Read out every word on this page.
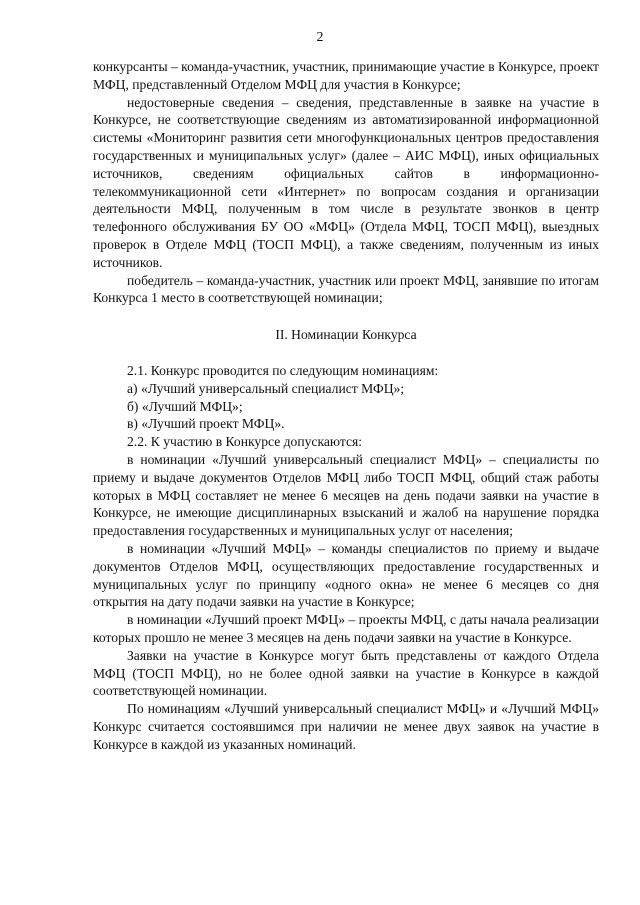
2

конкурсанты – команда-участник, участник, принимающие участие в Конкурсе, проект МФЦ, представленный Отделом МФЦ для участия в Конкурсе;

недостоверные сведения – сведения, представленные в заявке на участие в Конкурсе, не соответствующие сведениям из автоматизированной информационной системы «Мониторинг развития сети многофункциональных центров предоставления государственных и муниципальных услуг» (далее – АИС МФЦ), иных официальных источников, сведениям официальных сайтов в информационно-телекоммуникационной сети «Интернет» по вопросам создания и организации деятельности МФЦ, полученным в том числе в результате звонков в центр телефонного обслуживания БУ ОО «МФЦ» (Отдела МФЦ, ТОСП МФЦ), выездных проверок в Отделе МФЦ (ТОСП МФЦ), а также сведениям, полученным из иных источников.

победитель – команда-участник, участник или проект МФЦ, занявшие по итогам Конкурса 1 место в соответствующей номинации;

II. Номинации Конкурса

2.1. Конкурс проводится по следующим номинациям:

а) «Лучший универсальный специалист МФЦ»;

б) «Лучший МФЦ»;

в) «Лучший проект МФЦ».

2.2. К участию в Конкурсе допускаются:

в номинации «Лучший универсальный специалист МФЦ» – специалисты по приему и выдаче документов Отделов МФЦ либо ТОСП МФЦ, общий стаж работы которых в МФЦ составляет не менее 6 месяцев на день подачи заявки на участие в Конкурсе, не имеющие дисциплинарных взысканий и жалоб на нарушение порядка предоставления государственных и муниципальных услуг от населения;

в номинации «Лучший МФЦ» – команды специалистов по приему и выдаче документов Отделов МФЦ, осуществляющих предоставление государственных и муниципальных услуг по принципу «одного окна» не менее 6 месяцев со дня открытия на дату подачи заявки на участие в Конкурсе;

в номинации «Лучший проект МФЦ» – проекты МФЦ, с даты начала реализации которых прошло не менее 3 месяцев на день подачи заявки на участие в Конкурсе.

Заявки на участие в Конкурсе могут быть представлены от каждого Отдела МФЦ (ТОСП МФЦ), но не более одной заявки на участие в Конкурсе в каждой соответствующей номинации.

По номинациям «Лучший универсальный специалист МФЦ» и «Лучший МФЦ» Конкурс считается состоявшимся при наличии не менее двух заявок на участие в Конкурсе в каждой из указанных номинаций.
